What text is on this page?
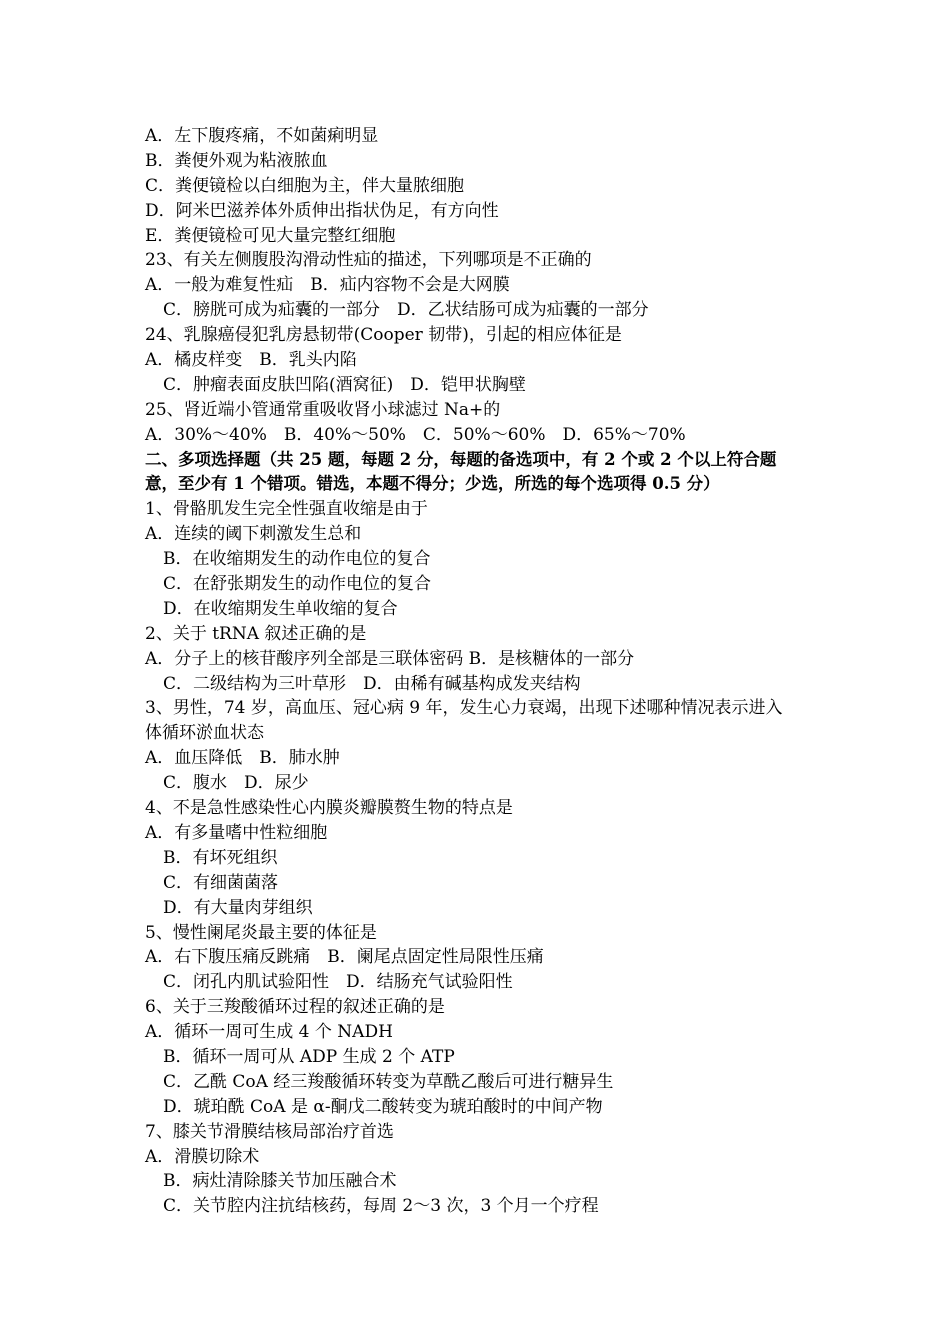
A．左下腹疼痛，不如菌痢明显
B．粪便外观为粘液脓血
C．粪便镜检以白细胞为主，伴大量脓细胞
D．阿米巴滋养体外质伸出指状伪足，有方向性
E．粪便镜检可见大量完整红细胞
23、有关左侧腹股沟滑动性疝的描述，下列哪项是不正确的
A．一般为难复性疝　B．疝内容物不会是大网膜
C．膀胱可成为疝囊的一部分　D．乙状结肠可成为疝囊的一部分
24、乳腺癌侵犯乳房悬韧带(Cooper 韧带)，引起的相应体征是
A．橘皮样变　B．乳头内陷
C．肿瘤表面皮肤凹陷(酒窝征)　D．铠甲状胸壁
25、肾近端小管通常重吸收肾小球滤过 Na+的
A．30%～40%　B．40%～50%　C．50%～60%　D．65%～70%
二、多项选择题（共 25 题，每题 2 分，每题的备选项中，有 2 个或 2 个以上符合题
意，至少有 1 个错项。错选，本题不得分；少选，所选的每个选项得 0.5 分）
1、骨骼肌发生完全性强直收缩是由于
A．连续的阈下刺激发生总和
B．在收缩期发生的动作电位的复合
C．在舒张期发生的动作电位的复合
D．在收缩期发生单收缩的复合
2、关于 tRNA 叙述正确的是
A．分子上的核苷酸序列全部是三联体密码 B．是核糖体的一部分
C．二级结构为三叶草形　D．由稀有碱基构成发夹结构
3、男性，74 岁，高血压、冠心病 9 年，发生心力衰竭，出现下述哪种情况表示进入
体循环淤血状态
A．血压降低　B．肺水肿
C．腹水　D．尿少
4、不是急性感染性心内膜炎瓣膜赘生物的特点是
A．有多量嗜中性粒细胞
B．有坏死组织
C．有细菌菌落
D．有大量肉芽组织
5、慢性阑尾炎最主要的体征是
A．右下腹压痛反跳痛　B．阑尾点固定性局限性压痛
C．闭孔内肌试验阳性　D．结肠充气试验阳性
6、关于三羧酸循环过程的叙述正确的是
A．循环一周可生成 4 个 NADH
B．循环一周可从 ADP 生成 2 个 ATP
C．乙酰 CoA 经三羧酸循环转变为草酰乙酸后可进行糖异生
D．琥珀酰 CoA 是 α-酮戊二酸转变为琥珀酸时的中间产物
7、膝关节滑膜结核局部治疗首选
A．滑膜切除术
B．病灶清除膝关节加压融合术
C．关节腔内注抗结核药，每周 2～3 次，3 个月一个疗程
